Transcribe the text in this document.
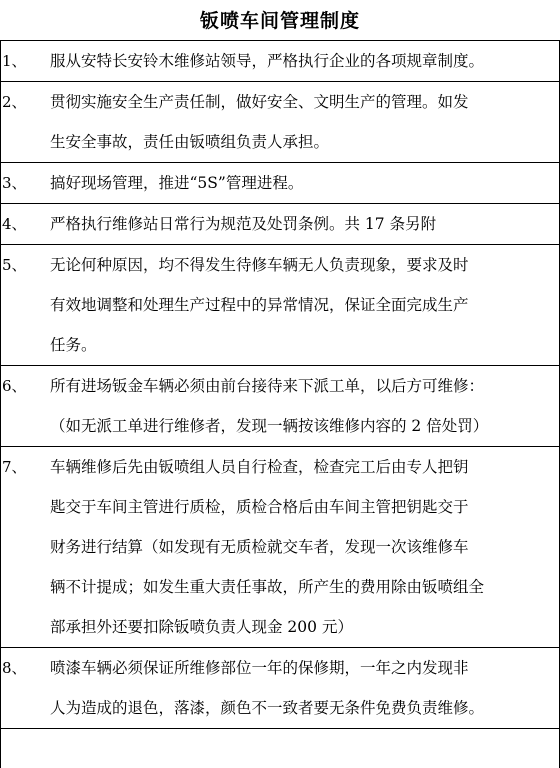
钣喷车间管理制度
1、 服从安特长安铃木维修站领导，严格执行企业的各项规章制度。
2、 贯彻实施安全生产责任制，做好安全、文明生产的管理。如发
生安全事故，责任由钣喷组负责人承担。
3、 搞好现场管理，推进“5S”管理进程。
4、 严格执行维修站日常行为规范及处罚条例。共 17 条另附
5、 无论何种原因，均不得发生待修车辆无人负责现象，要求及时
有效地调整和处理生产过程中的异常情况，保证全面完成生产
任务。
6、 所有进场钣金车辆必须由前台接待来下派工单，以后方可维修：
（如无派工单进行维修者，发现一辆按该维修内容的 2 倍处罚）
7、 车辆维修后先由钣喷组人员自行检查，检查完工后由专人把钥
匙交于车间主管进行质检，质检合格后由车间主管把钥匙交于
财务进行结算（如发现有无质检就交车者，发现一次该维修车
辆不计提成；如发生重大责任事故，所产生的费用除由钣喷组全
部承担外还要扣除钣喷负责人现金 200 元）
8、 喷漆车辆必须保证所维修部位一年的保修期，一年之内发现非
人为造成的退色，落漆，颜色不一致者要无条件免费负责维修。
